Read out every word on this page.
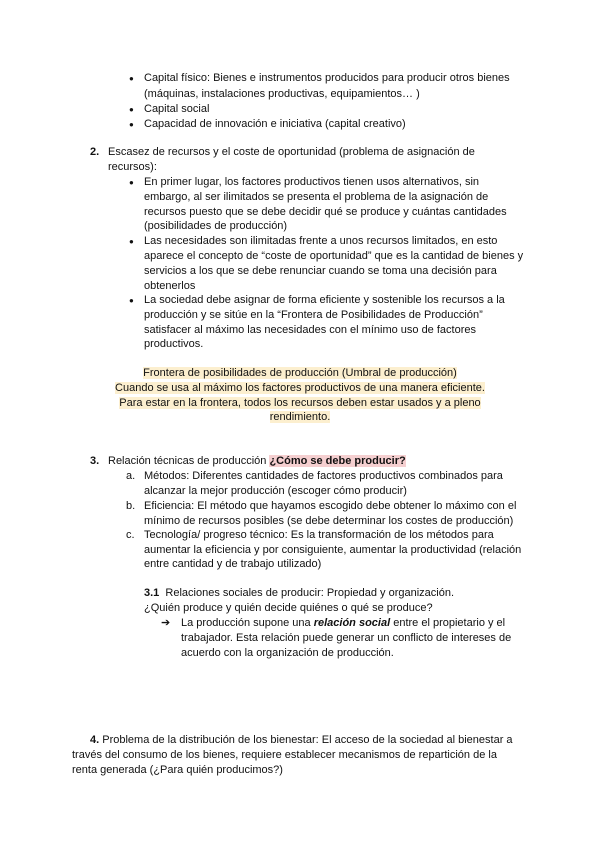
● Capital físico: Bienes e instrumentos producidos para producir otros bienes
(máquinas, instalaciones productivas, equipamientos… )
● Capital social
● Capacidad de innovación e iniciativa (capital creativo)
2. Escasez de recursos y el coste de oportunidad (problema de asignación de
recursos):
● En primer lugar, los factores productivos tienen usos alternativos, sin
embargo, al ser ilimitados se presenta el problema de la asignación de
recursos puesto que se debe decidir qué se produce y cuántas cantidades
(posibilidades de producción)
● Las necesidades son ilimitadas frente a unos recursos limitados, en esto
aparece el concepto de “coste de oportunidad” que es la cantidad de bienes y
servicios a los que se debe renunciar cuando se toma una decisión para
obtenerlos
● La sociedad debe asignar de forma eficiente y sostenible los recursos a la
producción y se sitúe en la “Frontera de Posibilidades de Producción”
satisfacer al máximo las necesidades con el mínimo uso de factores
productivos.
Frontera de posibilidades de producción (Umbral de producción)
Cuando se usa al máximo los factores productivos de una manera eficiente.
Para estar en la frontera, todos los recursos deben estar usados y a pleno
rendimiento.
3. Relación técnicas de producción ¿Cómo se debe producir?
a. Métodos: Diferentes cantidades de factores productivos combinados para
alcanzar la mejor producción (escoger cómo producir)
b. Eficiencia: El método que hayamos escogido debe obtener lo máximo con el
mínimo de recursos posibles (se debe determinar los costes de producción)
c. Tecnología/ progreso técnico: Es la transformación de los métodos para
aumentar la eficiencia y por consiguiente, aumentar la productividad (relación
entre cantidad y de trabajo utilizado)
3.1 Relaciones sociales de producir: Propiedad y organización.
¿Quién produce y quién decide quiénes o qué se produce?
➔ La producción supone una relación social entre el propietario y el
trabajador. Esta relación puede generar un conflicto de intereses de
acuerdo con la organización de producción.
4. Problema de la distribución de los bienestar: El acceso de la sociedad al bienestar a
través del consumo de los bienes, requiere establecer mecanismos de repartición de la
renta generada (¿Para quién producimos?)
